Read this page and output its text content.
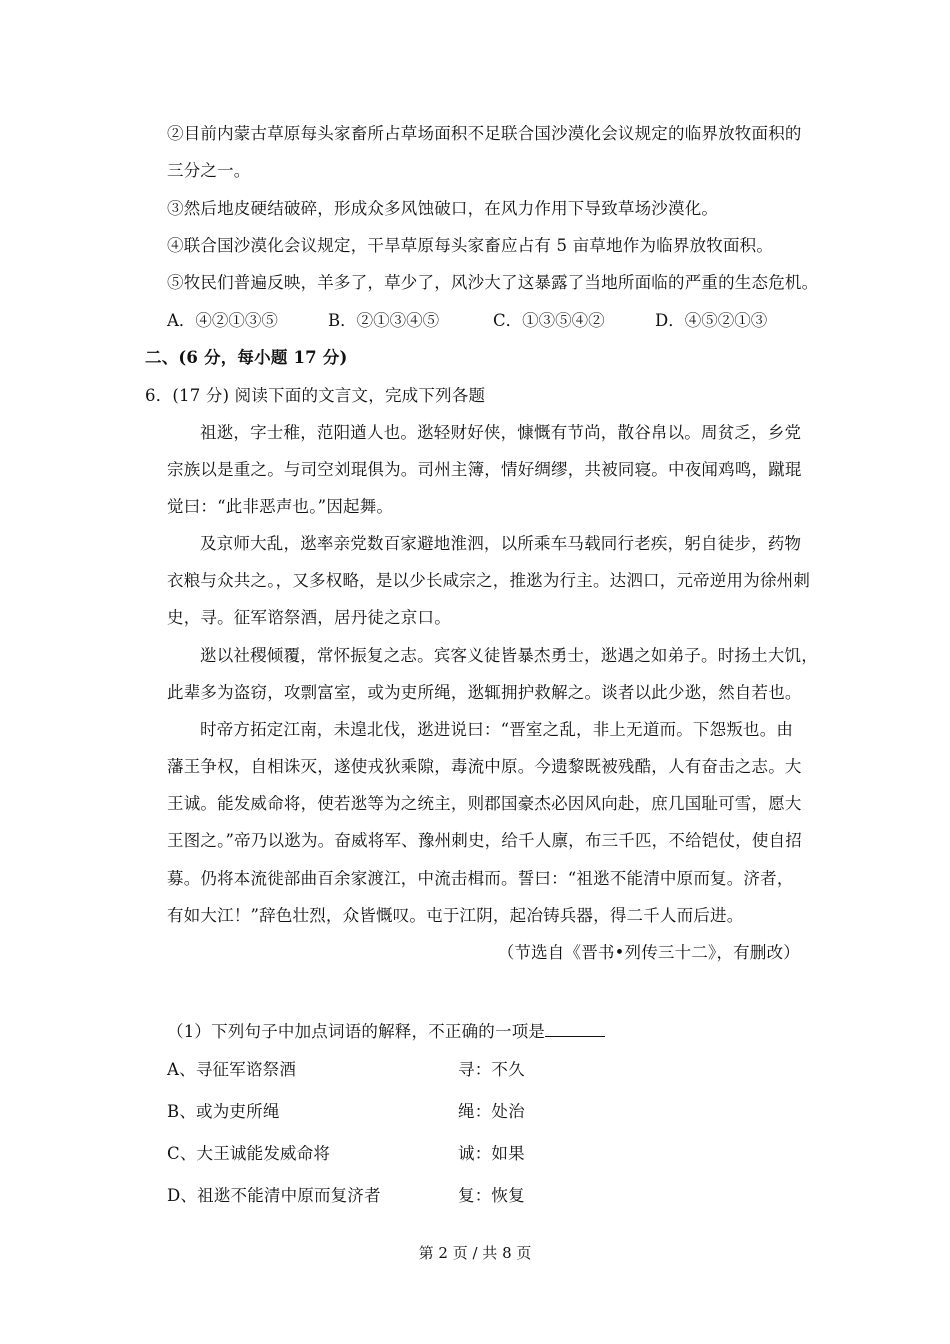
②目前内蒙古草原每头家畜所占草场面积不足联合国沙漠化会议规定的临界放牧面积的
三分之一。
③然后地皮硬结破碎，形成众多风蚀破口，在风力作用下导致草场沙漠化。
④联合国沙漠化会议规定，干旱草原每头家畜应占有 5 亩草地作为临界放牧面积。
⑤牧民们普遍反映，羊多了，草少了，风沙大了这暴露了当地所面临的严重的生态危机。
A．④②①③⑤	B．②①③④⑤	C．①③⑤④②	D．④⑤②①③
二、(6 分，每小题 17 分)
6．(17 分) 阅读下面的文言文，完成下列各题
祖逖，字士稚，范阳遒人也。逖轻财好侠，慷慨有节尚，散谷帛以。周贫乏，乡党
宗族以是重之。与司空刘琨俱为。司州主簿，情好绸缪，共被同寝。中夜闻鸡鸣，蹴琨
觉曰：“此非恶声也。”因起舞。
及京师大乱，逖率亲党数百家避地淮泗，以所乘车马载同行老疾，躬自徒步，药物
衣粮与众共之。，又多权略，是以少长咸宗之，推逖为行主。达泗口，元帝逆用为徐州刺
史，寻。征军谘祭酒，居丹徒之京口。
逖以社稷倾覆，常怀振复之志。宾客义徒皆暴杰勇士，逖遇之如弟子。时扬土大饥，
此辈多为盗窃，攻剽富室，或为吏所绳，逖辄拥护救解之。谈者以此少逖，然自若也。
时帝方拓定江南，未遑北伐，逖进说曰：“晋室之乱，非上无道而。下怨叛也。由
藩王争权，自相诛灭，遂使戎狄乘隙，毒流中原。今遗黎既被残酷，人有奋击之志。大
王诚。能发威命将，使若逖等为之统主，则郡国豪杰必因风向赴，庶几国耻可雪，愿大
王图之。”帝乃以逖为。奋威将军、豫州刺史，给千人廪，布三千匹，不给铠仗，使自招
募。仍将本流徙部曲百余家渡江，中流击楫而。誓曰：“祖逖不能清中原而复。济者，
有如大江！”辞色壮烈，众皆慨叹。屯于江阴，起冶铸兵器，得二千人而后进。
（节选自《晋书•列传三十二》，有删改）
（1）下列句子中加点词语的解释，不正确的一项是
A、寻征军谘祭酒	寻：不久
B、或为吏所绳	绳：处治
C、大王诚能发威命将	诚：如果
D、祖逖不能清中原而复济者	复：恢复
第 2 页 / 共 8 页
